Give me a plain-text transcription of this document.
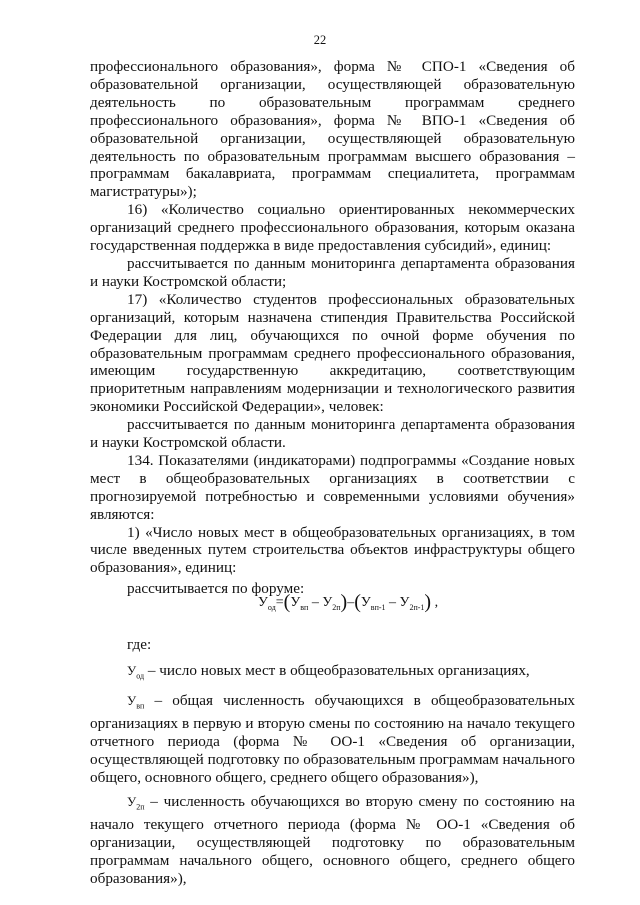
22

профессионального образования», форма № СПО-1 «Сведения об образовательной организации, осуществляющей образовательную деятельность по образовательным программам среднего профессионального образования», форма № ВПО-1 «Сведения об образовательной организации, осуществляющей образовательную деятельность по образовательным программам высшего образования – программам бакалавриата, программам специалитета, программам магистратуры»);

16) «Количество социально ориентированных некоммерческих организаций среднего профессионального образования, которым оказана государственная поддержка в виде предоставления субсидий», единиц:

рассчитывается по данным мониторинга департамента образования и науки Костромской области;

17) «Количество студентов профессиональных образовательных организаций, которым назначена стипендия Правительства Российской Федерации для лиц, обучающихся по очной форме обучения по образовательным программам среднего профессионального образования, имеющим государственную аккредитацию, соответствующим приоритетным направлениям модернизации и технологического развития экономики Российской Федерации», человек:

рассчитывается по данным мониторинга департамента образования и науки Костромской области.

134. Показателями (индикаторами) подпрограммы «Создание новых мест в общеобразовательных организациях в соответствии с прогнозируемой потребностью и современными условиями обучения» являются:

1) «Число новых мест в общеобразовательных организациях, в том числе введенных путем строительства объектов инфраструктуры общего образования», единиц:

рассчитывается по форуме:

$У_{од}=(У_{вп} - У_{2п})-(У_{вп-1} - У_{2п-1})$ ,

где:

$У_{од}$ – число новых мест в общеобразовательных организациях,

$У_{вп}$ – общая численность обучающихся в общеобразовательных организациях в первую и вторую смены по состоянию на начало текущего отчетного периода (форма № ОО-1 «Сведения об организации, осуществляющей подготовку по образовательным программам начального общего, основного общего, среднего общего образования»),

$У_{2п}$ – численность обучающихся во вторую смену по состоянию на начало текущего отчетного периода (форма № ОО-1 «Сведения об организации, осуществляющей подготовку по образовательным программам начального общего, основного общего, среднего общего образования»),
